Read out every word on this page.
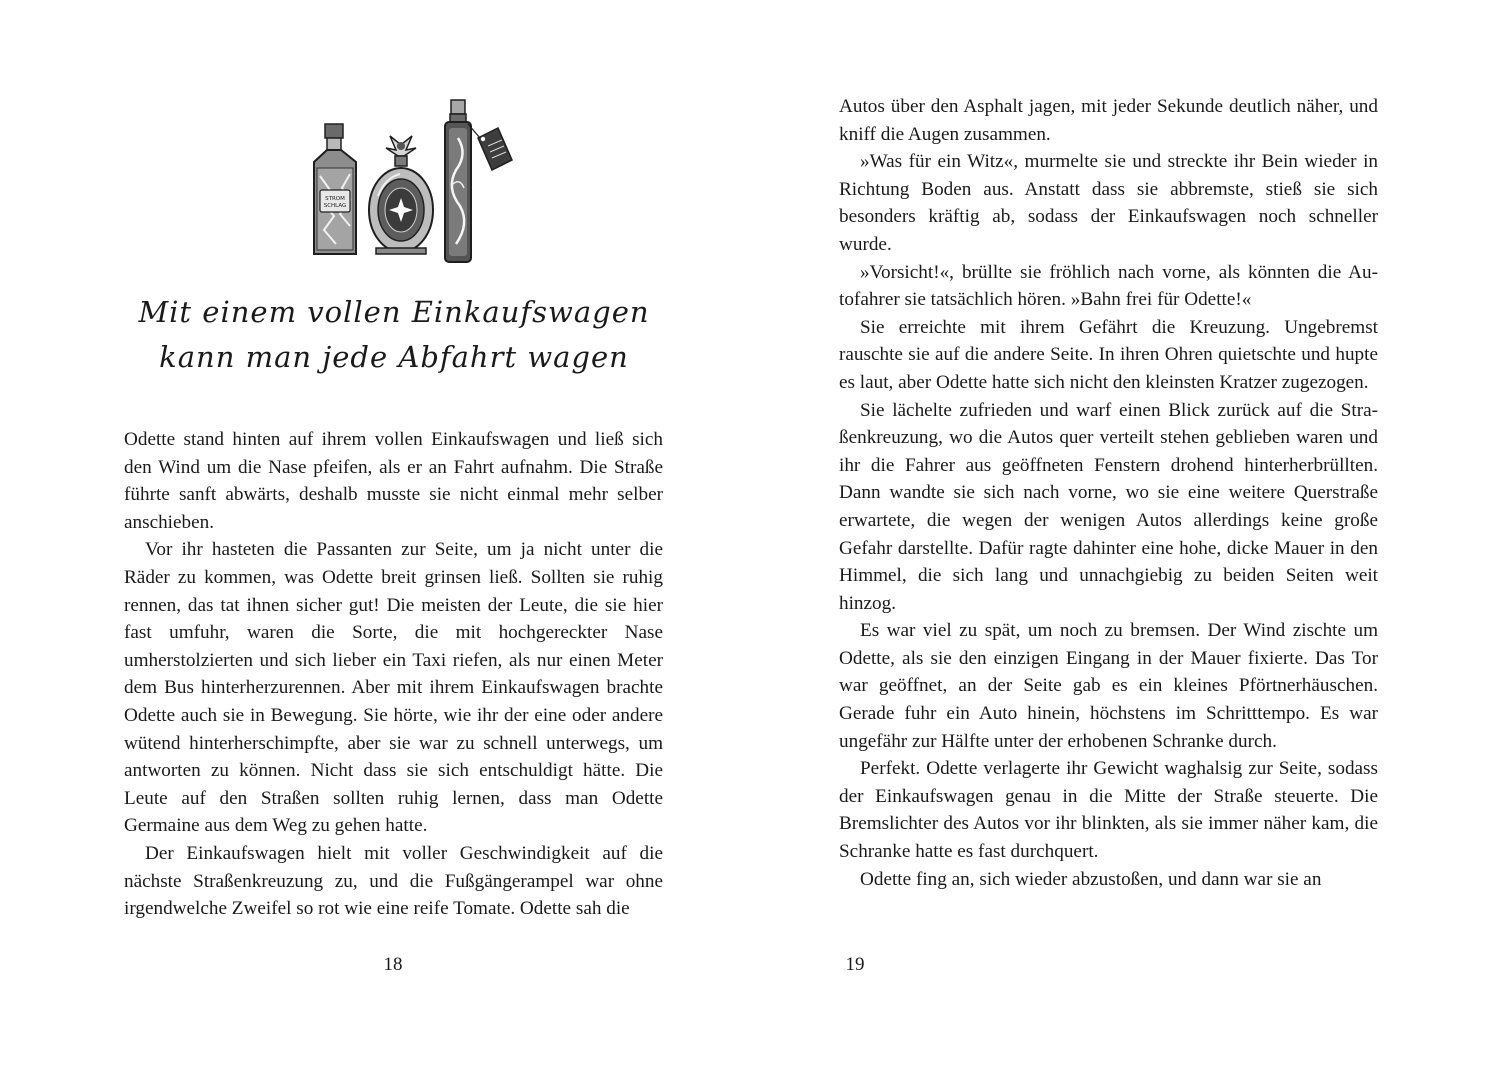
STROM
SCHLAG
Mit einem vollen Einkaufswagen
kann man jede Abfahrt wagen

Odette stand hinten auf ihrem vollen Einkaufswagen und ließ sich den Wind um die Nase pfeifen, als er an Fahrt aufnahm. Die Straße führte sanft abwärts, deshalb musste sie nicht einmal mehr selber anschieben.

Vor ihr hasteten die Passanten zur Seite, um ja nicht unter die Räder zu kommen, was Odette breit grinsen ließ. Sollten sie ruhig rennen, das tat ihnen sicher gut! Die meisten der Leute, die sie hier fast umfuhr, waren die Sorte, die mit hochgereckter Nase umherstolzierten und sich lieber ein Taxi riefen, als nur einen Meter dem Bus hinterherzurennen. Aber mit ihrem Einkaufswagen brachte Odette auch sie in Bewegung. Sie hörte, wie ihr der eine oder andere wütend hinterherschimpfte, aber sie war zu schnell unterwegs, um antworten zu können. Nicht dass sie sich entschuldigt hätte. Die Leute auf den Straßen sollten ruhig lernen, dass man Odette Germaine aus dem Weg zu gehen hatte.

Der Einkaufswagen hielt mit voller Geschwindigkeit auf die nächste Straßenkreuzung zu, und die Fußgängerampel war ohne irgendwelche Zweifel so rot wie eine reife Tomate. Odette sah die

18

Autos über den Asphalt jagen, mit jeder Sekunde deutlich näher, und kniff die Augen zusammen.

»Was für ein Witz«, murmelte sie und streckte ihr Bein wieder in Richtung Boden aus. Anstatt dass sie abbremste, stieß sie sich besonders kräftig ab, sodass der Einkaufswagen noch schneller wurde.

»Vorsicht!«, brüllte sie fröhlich nach vorne, als könnten die Autofahrer sie tatsächlich hören. »Bahn frei für Odette!«

Sie erreichte mit ihrem Gefährt die Kreuzung. Ungebremst rauschte sie auf die andere Seite. In ihren Ohren quietschte und hupte es laut, aber Odette hatte sich nicht den kleinsten Kratzer zugezogen.

Sie lächelte zufrieden und warf einen Blick zurück auf die Straßenkreuzung, wo die Autos quer verteilt stehen geblieben waren und ihr die Fahrer aus geöffneten Fenstern drohend hinterherbrüllten. Dann wandte sie sich nach vorne, wo sie eine weitere Querstraße erwartete, die wegen der wenigen Autos allerdings keine große Gefahr darstellte. Dafür ragte dahinter eine hohe, dicke Mauer in den Himmel, die sich lang und unnachgiebig zu beiden Seiten weit hinzog.

Es war viel zu spät, um noch zu bremsen. Der Wind zischte um Odette, als sie den einzigen Eingang in der Mauer fixierte. Das Tor war geöffnet, an der Seite gab es ein kleines Pförtnerhäuschen. Gerade fuhr ein Auto hinein, höchstens im Schritttempo. Es war ungefähr zur Hälfte unter der erhobenen Schranke durch.

Perfekt. Odette verlagerte ihr Gewicht waghalsig zur Seite, sodass der Einkaufswagen genau in die Mitte der Straße steuerte. Die Bremslichter des Autos vor ihr blinkten, als sie immer näher kam, die Schranke hatte es fast durchquert.

Odette fing an, sich wieder abzustoßen, und dann war sie an

19
